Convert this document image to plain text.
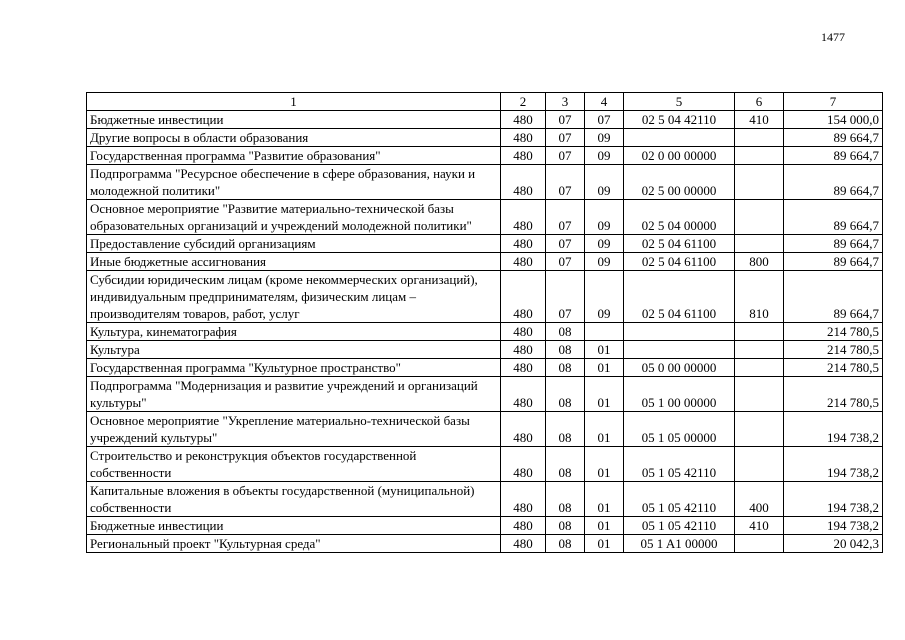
1477
1	2	3	4	5	6	7
Бюджетные инвестиции	480	07	07	02 5 04 42110	410	154 000,0
Другие вопросы в области образования	480	07	09			89 664,7
Государственная программа "Развитие образования"	480	07	09	02 0 00 00000		89 664,7
Подпрограмма "Ресурсное обеспечение в сфере образования, науки и молодежной политики"	480	07	09	02 5 00 00000		89 664,7
Основное мероприятие "Развитие материально-технической базы образовательных организаций и учреждений молодежной политики"	480	07	09	02 5 04 00000		89 664,7
Предоставление субсидий организациям	480	07	09	02 5 04 61100		89 664,7
Иные бюджетные ассигнования	480	07	09	02 5 04 61100	800	89 664,7
Субсидии юридическим лицам (кроме некоммерческих организаций), индивидуальным предпринимателям, физическим лицам – производителям товаров, работ, услуг	480	07	09	02 5 04 61100	810	89 664,7
Культура, кинематография	480	08				214 780,5
Культура	480	08	01			214 780,5
Государственная программа "Культурное пространство"	480	08	01	05 0 00 00000		214 780,5
Подпрограмма "Модернизация и развитие учреждений и организаций культуры"	480	08	01	05 1 00 00000		214 780,5
Основное мероприятие "Укрепление материально-технической базы учреждений культуры"	480	08	01	05 1 05 00000		194 738,2
Строительство и реконструкция объектов государственной собственности	480	08	01	05 1 05 42110		194 738,2
Капитальные вложения в объекты государственной (муниципальной) собственности	480	08	01	05 1 05 42110	400	194 738,2
Бюджетные инвестиции	480	08	01	05 1 05 42110	410	194 738,2
Региональный проект "Культурная среда"	480	08	01	05 1 A1 00000		20 042,3
